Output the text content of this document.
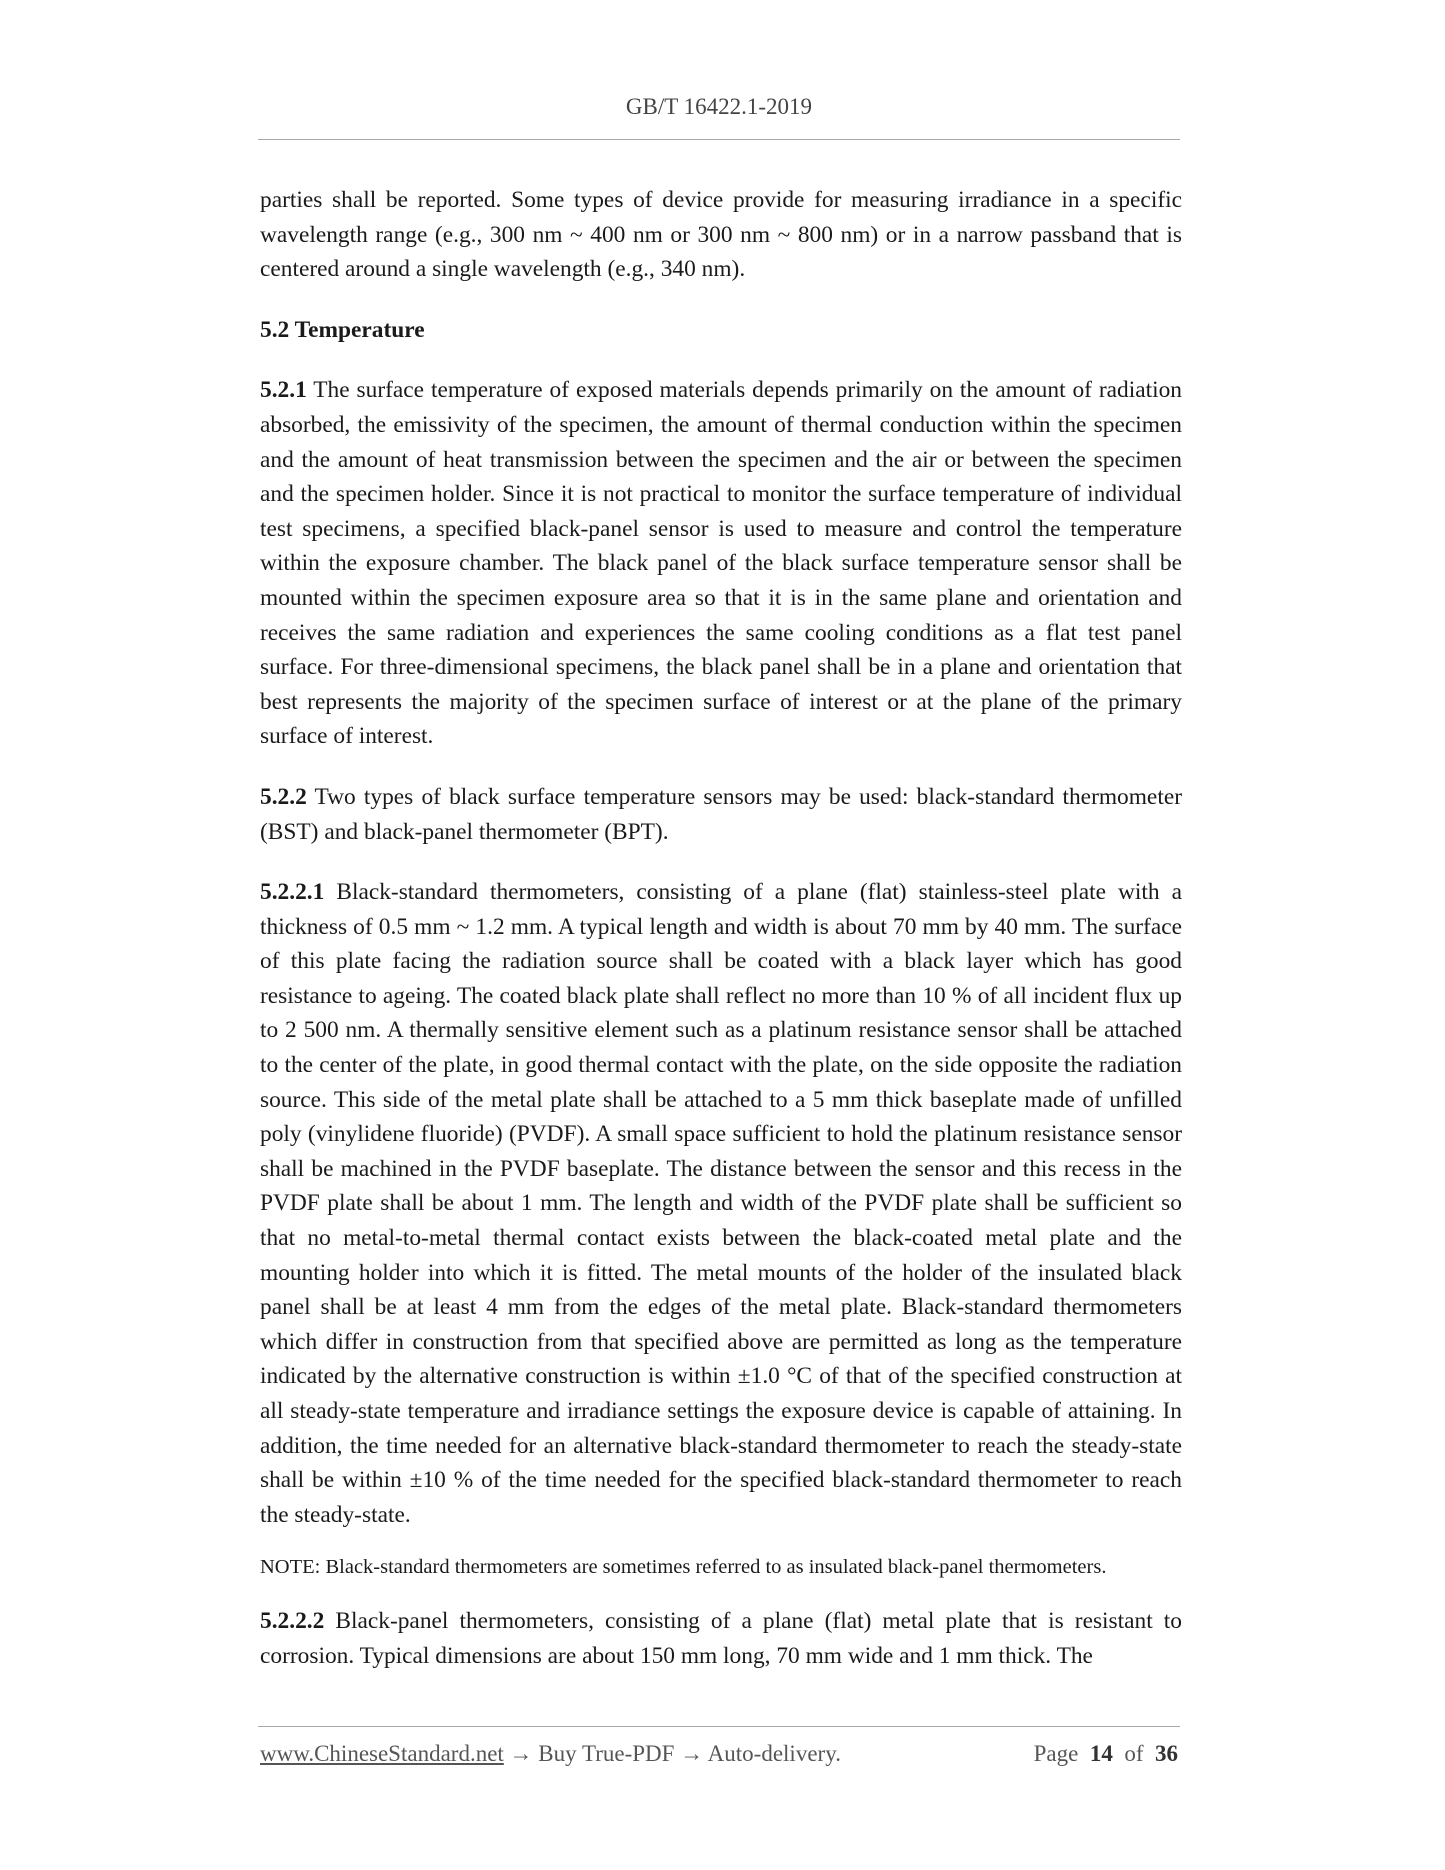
GB/T 16422.1-2019

parties shall be reported. Some types of device provide for measuring irradiance in a specific wavelength range (e.g., 300 nm ~ 400 nm or 300 nm ~ 800 nm) or in a narrow passband that is centered around a single wavelength (e.g., 340 nm).

5.2 Temperature

5.2.1 The surface temperature of exposed materials depends primarily on the amount of radiation absorbed, the emissivity of the specimen, the amount of thermal conduction within the specimen and the amount of heat transmission between the specimen and the air or between the specimen and the specimen holder. Since it is not practical to monitor the surface temperature of individual test specimens, a specified black-panel sensor is used to measure and control the temperature within the exposure chamber. The black panel of the black surface temperature sensor shall be mounted within the specimen exposure area so that it is in the same plane and orientation and receives the same radiation and experiences the same cooling conditions as a flat test panel surface. For three-dimensional specimens, the black panel shall be in a plane and orientation that best represents the majority of the specimen surface of interest or at the plane of the primary surface of interest.

5.2.2 Two types of black surface temperature sensors may be used: black-standard thermometer (BST) and black-panel thermometer (BPT).

5.2.2.1 Black-standard thermometers, consisting of a plane (flat) stainless-steel plate with a thickness of 0.5 mm ~ 1.2 mm. A typical length and width is about 70 mm by 40 mm. The surface of this plate facing the radiation source shall be coated with a black layer which has good resistance to ageing. The coated black plate shall reflect no more than 10 % of all incident flux up to 2 500 nm. A thermally sensitive element such as a platinum resistance sensor shall be attached to the center of the plate, in good thermal contact with the plate, on the side opposite the radiation source. This side of the metal plate shall be attached to a 5 mm thick baseplate made of unfilled poly (vinylidene fluoride) (PVDF). A small space sufficient to hold the platinum resistance sensor shall be machined in the PVDF baseplate. The distance between the sensor and this recess in the PVDF plate shall be about 1 mm. The length and width of the PVDF plate shall be sufficient so that no metal-to-metal thermal contact exists between the black-coated metal plate and the mounting holder into which it is fitted. The metal mounts of the holder of the insulated black panel shall be at least 4 mm from the edges of the metal plate. Black-standard thermometers which differ in construction from that specified above are permitted as long as the temperature indicated by the alternative construction is within ±1.0 °C of that of the specified construction at all steady-state temperature and irradiance settings the exposure device is capable of attaining. In addition, the time needed for an alternative black-standard thermometer to reach the steady-state shall be within ±10 % of the time needed for the specified black-standard thermometer to reach the steady-state.

NOTE: Black-standard thermometers are sometimes referred to as insulated black-panel thermometers.

5.2.2.2 Black-panel thermometers, consisting of a plane (flat) metal plate that is resistant to corrosion. Typical dimensions are about 150 mm long, 70 mm wide and 1 mm thick. The

www.ChineseStandard.net → Buy True-PDF → Auto-delivery.	Page 14 of 36
